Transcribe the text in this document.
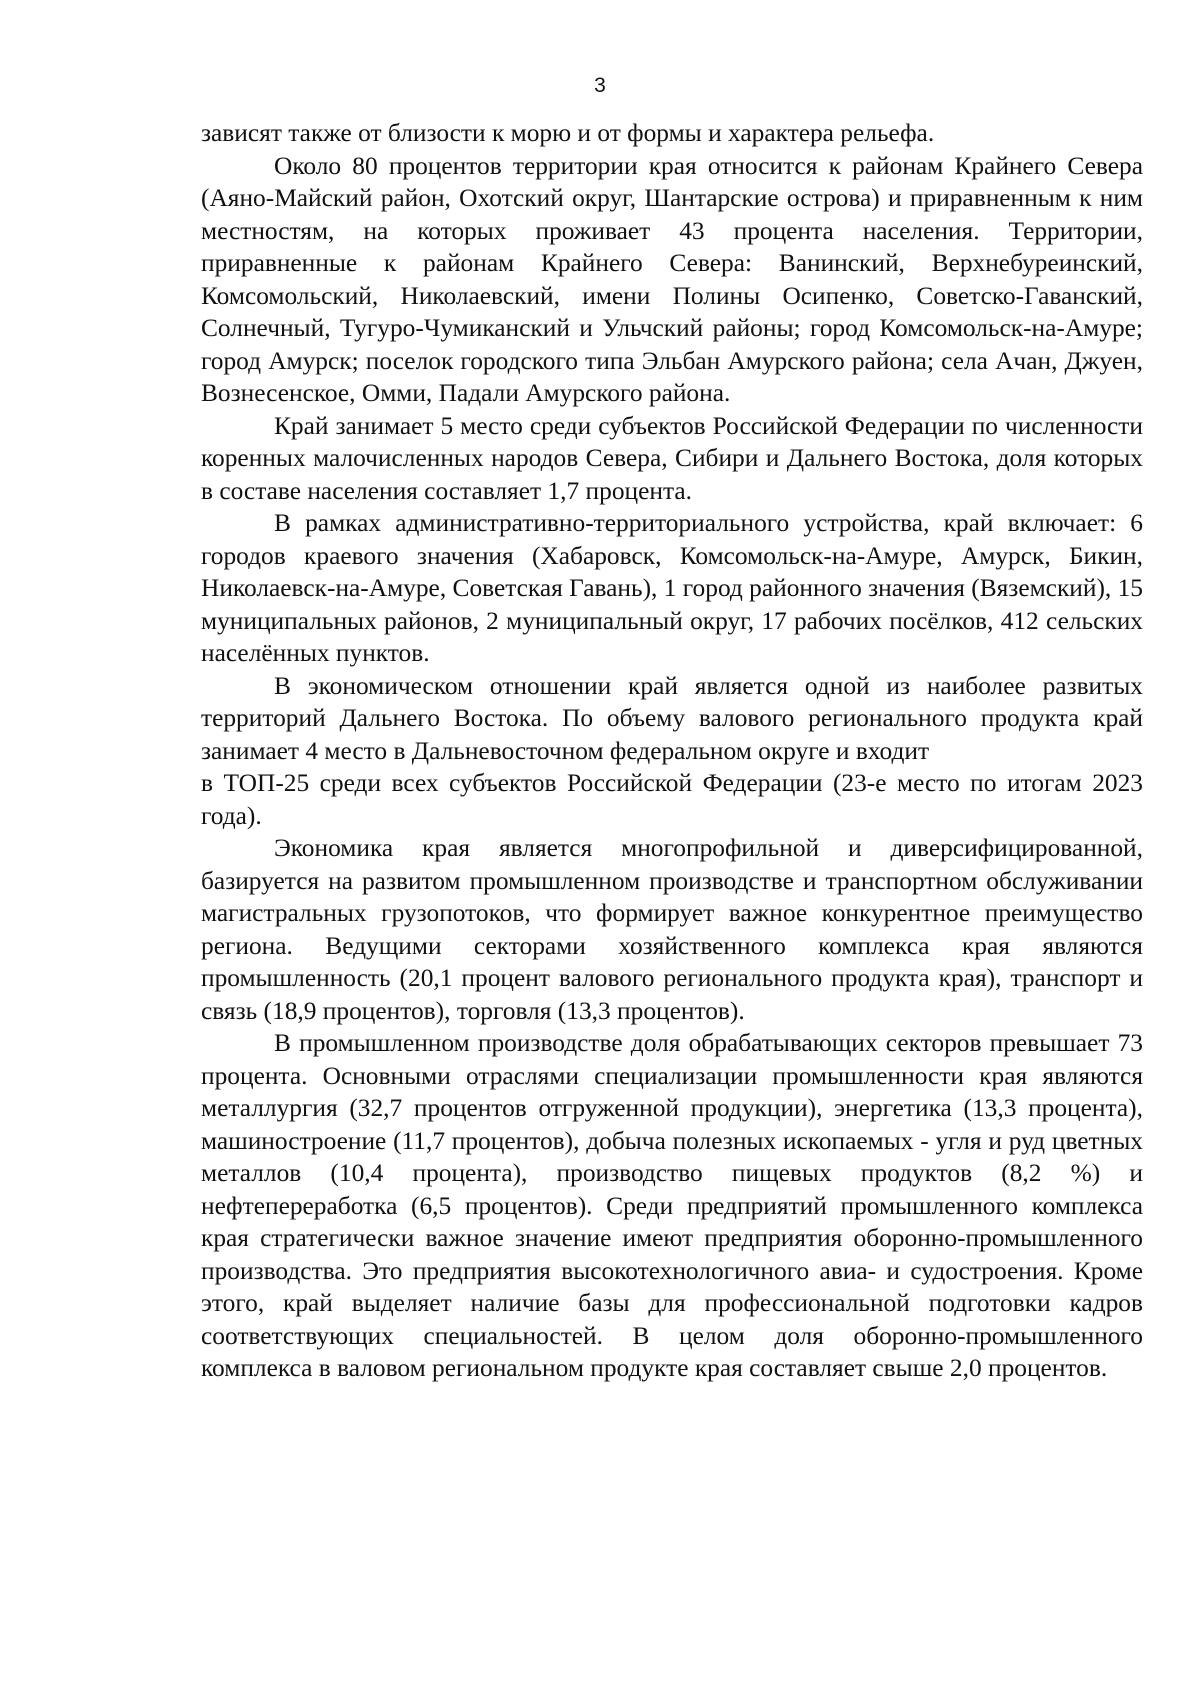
3

зависят также от близости к морю и от формы и характера рельефа.

Около 80 процентов территории края относится к районам Крайнего Севера (Аяно-Майский район, Охотский округ, Шантарские острова) и приравненным к ним местностям, на которых проживает 43 процента населения. Территории, приравненные к районам Крайнего Севера: Ванинский, Верхнебуреинский, Комсомольский, Николаевский, имени Полины Осипенко, Советско-Гаванский, Солнечный, Тугуро-Чумиканский и Ульчский районы; город Комсомольск-на-Амуре; город Амурск; поселок городского типа Эльбан Амурского района; села Ачан, Джуен, Вознесенское, Омми, Падали Амурского района.

Край занимает 5 место среди субъектов Российской Федерации по численности коренных малочисленных народов Севера, Сибири и Дальнего Востока, доля которых в составе населения составляет 1,7 процента.

В рамках административно-территориального устройства, край включает: 6 городов краевого значения (Хабаровск, Комсомольск-на-Амуре, Амурск, Бикин, Николаевск-на-Амуре, Советская Гавань), 1 город районного значения (Вяземский), 15 муниципальных районов, 2 муниципальный округ, 17 рабочих посёлков, 412 сельских населённых пунктов.

В экономическом отношении край является одной из наиболее развитых территорий Дальнего Востока. По объему валового регионального продукта край занимает 4 место в Дальневосточном федеральном округе и входит

в ТОП-25 среди всех субъектов Российской Федерации (23-е место по итогам 2023 года).

Экономика края является многопрофильной и диверсифицированной, базируется на развитом промышленном производстве и транспортном обслуживании магистральных грузопотоков, что формирует важное конкурентное преимущество региона. Ведущими секторами хозяйственного комплекса края являются промышленность (20,1 процент валового регионального продукта края), транспорт и связь (18,9 процентов), торговля (13,3 процентов).

В промышленном производстве доля обрабатывающих секторов превышает 73 процента. Основными отраслями специализации промышленности края являются металлургия (32,7 процентов отгруженной продукции), энергетика (13,3 процента), машиностроение (11,7 процентов), добыча полезных ископаемых - угля и руд цветных металлов (10,4 процента), производство пищевых продуктов (8,2 %) и нефтепереработка (6,5 процентов). Среди предприятий промышленного комплекса края стратегически важное значение имеют предприятия оборонно-промышленного производства. Это предприятия высокотехнологичного авиа- и судостроения. Кроме этого, край выделяет наличие базы для профессиональной подготовки кадров соответствующих специальностей. В целом доля оборонно-промышленного комплекса в валовом региональном продукте края составляет свыше 2,0 процентов.
